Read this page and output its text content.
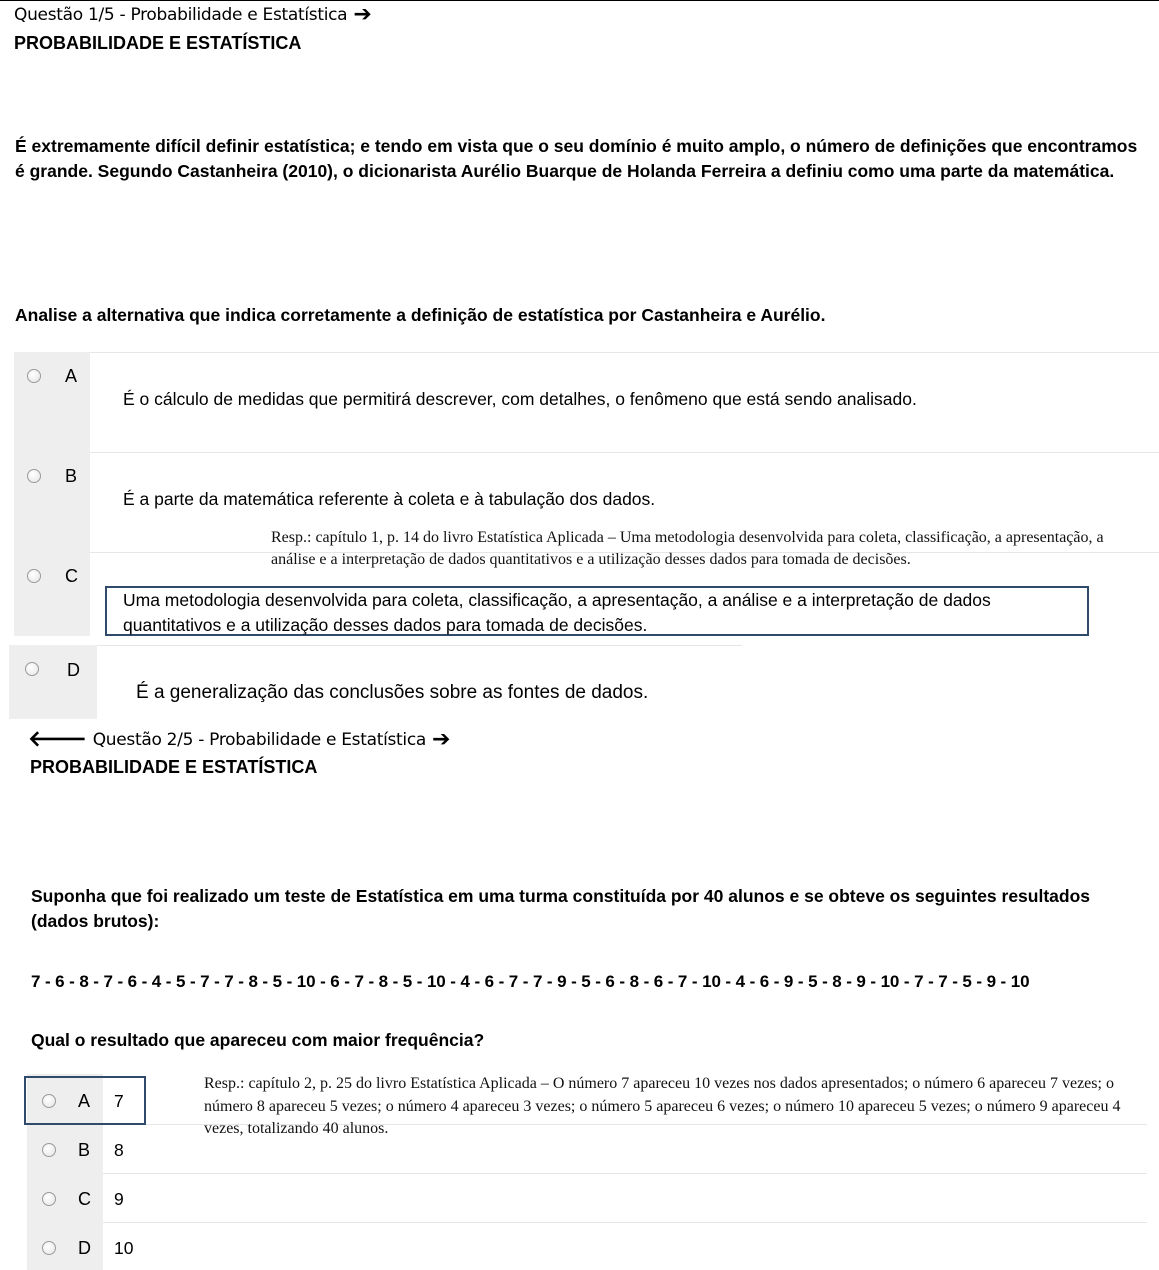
Questão 1/5 - Probabilidade e Estatística ➔
PROBABILIDADE E ESTATÍSTICA
É extremamente difícil definir estatística; e tendo em vista que o seu domínio é muito amplo, o número de definições que encontramos é grande. Segundo Castanheira (2010), o dicionarista Aurélio Buarque de Holanda Ferreira a definiu como uma parte da matemática.
Analise a alternativa que indica corretamente a definição de estatística por Castanheira e Aurélio.
A
É o cálculo de medidas que permitirá descrever, com detalhes, o fenômeno que está sendo analisado.
B
É a parte da matemática referente à coleta e à tabulação dos dados.
Resp.: capítulo 1, p. 14 do livro Estatística Aplicada – Uma metodologia desenvolvida para coleta, classificação, a apresentação, a análise e a interpretação de dados quantitativos e a utilização desses dados para tomada de decisões.
C
Uma metodologia desenvolvida para coleta, classificação, a apresentação, a análise e a interpretação de dados quantitativos e a utilização desses dados para tomada de decisões.
D
É a generalização das conclusões sobre as fontes de dados.
🡐 Questão 2/5 - Probabilidade e Estatística ➔
PROBABILIDADE E ESTATÍSTICA
Suponha que foi realizado um teste de Estatística em uma turma constituída por 40 alunos e se obteve os seguintes resultados (dados brutos):
7 - 6 - 8 - 7 - 6 - 4 - 5 - 7 - 7 - 8 - 5 - 10 - 6 - 7 - 8 - 5 - 10 - 4 - 6 - 7 - 7 - 9 - 5 - 6 - 8 - 6 - 7 - 10 - 4 - 6 - 9 - 5 - 8 - 9 - 10 - 7 - 7 - 5 - 9 - 10
Qual o resultado que apareceu com maior frequência?
A 7
B 8
C 9
D 10
Resp.: capítulo 2, p. 25 do livro Estatística Aplicada – O número 7 apareceu 10 vezes nos dados apresentados; o número 6 apareceu 7 vezes; o número 8 apareceu 5 vezes; o número 4 apareceu 3 vezes; o número 5 apareceu 6 vezes; o número 10 apareceu 5 vezes; o número 9 apareceu 4 vezes, totalizando 40 alunos.
